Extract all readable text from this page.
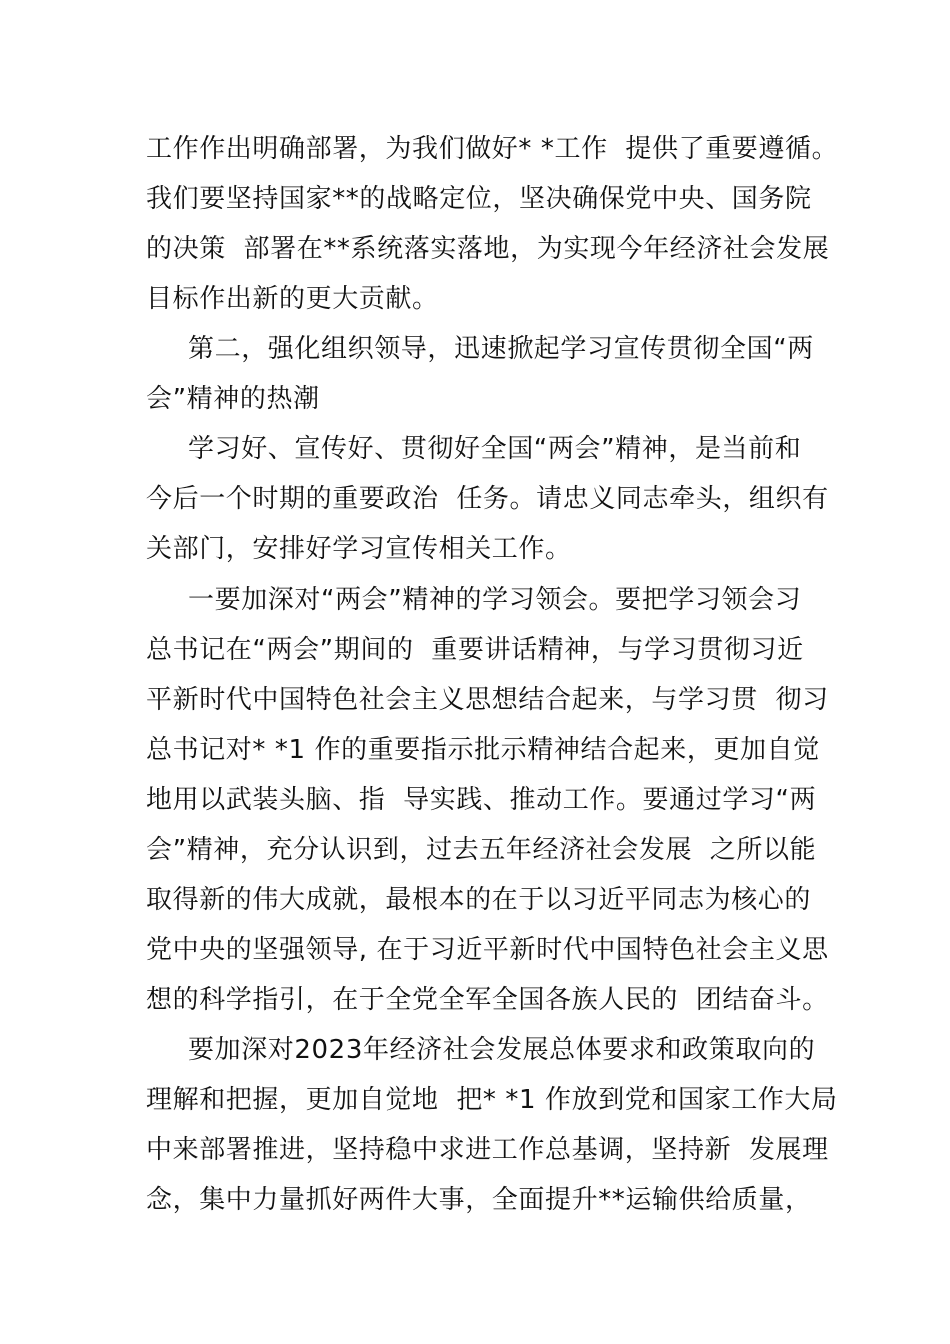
工作作出明确部署，为我们做好* *工作  提供了重要遵循。
我们要坚持国家**的战略定位，坚决确保党中央、国务院
的决策  部署在**系统落实落地，为实现今年经济社会发展
目标作出新的更大贡献。
第二，强化组织领导，迅速掀起学习宣传贯彻全国“两
会”精神的热潮
学习好、宣传好、贯彻好全国“两会”精神，是当前和
今后一个时期的重要政治  任务。请忠义同志牵头，组织有
关部门，安排好学习宣传相关工作。
一要加深对“两会”精神的学习领会。要把学习领会习
总书记在“两会”期间的  重要讲话精神，与学习贯彻习近
平新时代中国特色社会主义思想结合起来，与学习贯  彻习
总书记对* *1 作的重要指示批示精神结合起来，更加自觉
地用以武装头脑、指  导实践、推动工作。要通过学习“两
会”精神，充分认识到，过去五年经济社会发展  之所以能
取得新的伟大成就，最根本的在于以习近平同志为核心的
党中央的坚强领导, 在于习近平新时代中国特色社会主义思
想的科学指引，在于全党全军全国各族人民的  团结奋斗。
要加深对2023年经济社会发展总体要求和政策取向的
理解和把握，更加自觉地  把* *1 作放到党和国家工作大局
中来部署推进，坚持稳中求进工作总基调，坚持新  发展理
念，集中力量抓好两件大事，全面提升**运输供给质量，
